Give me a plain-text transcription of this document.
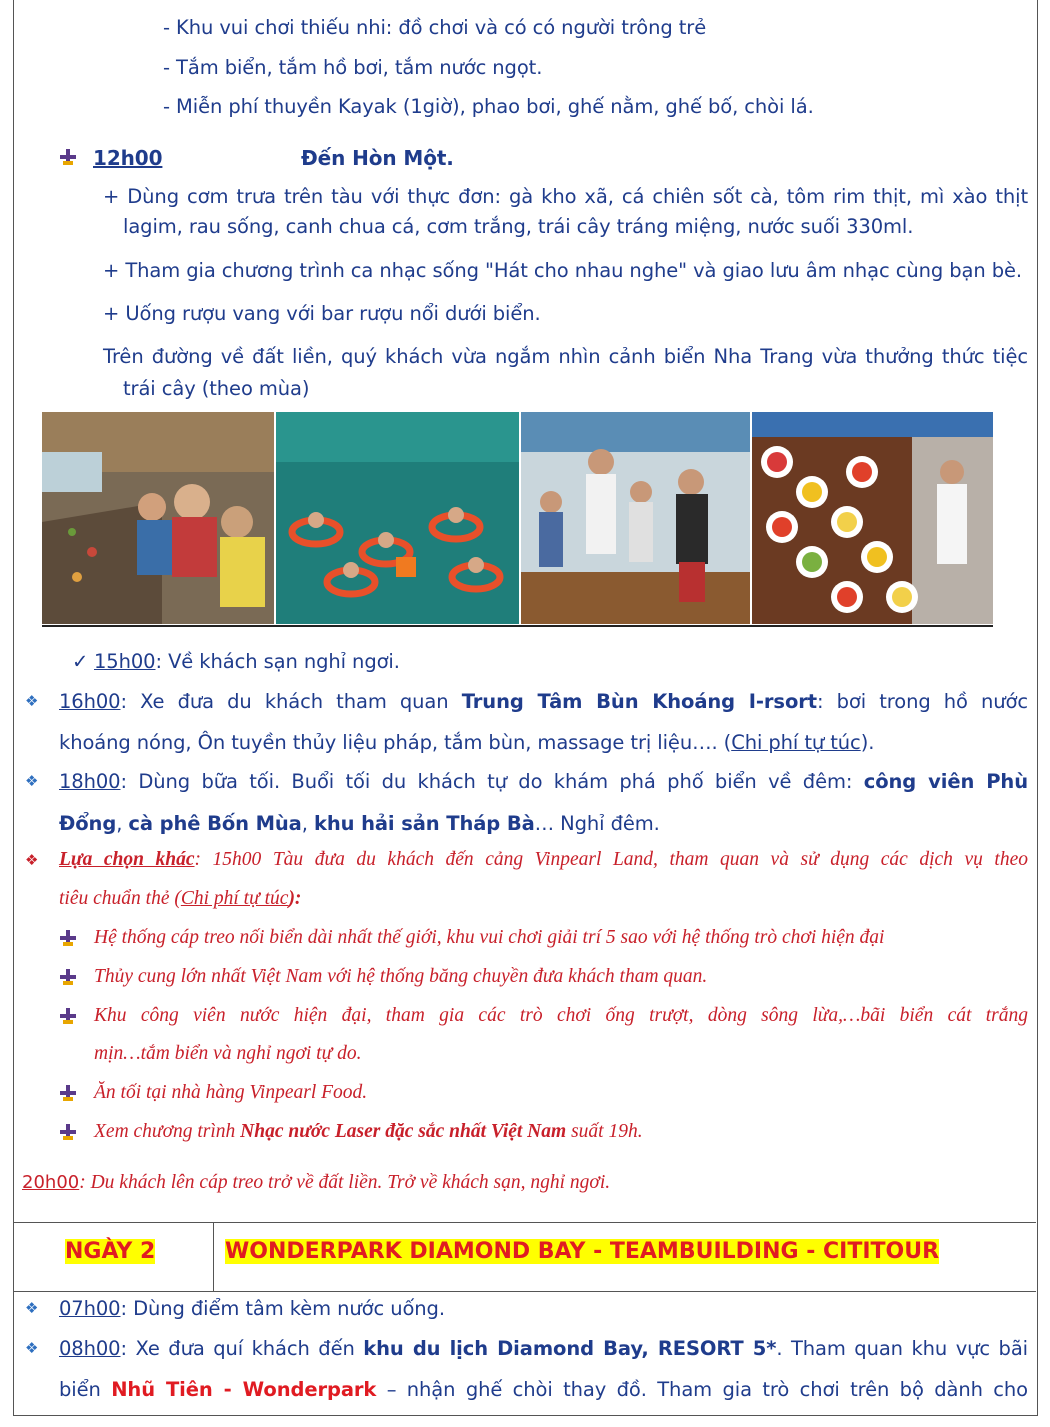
- Khu vui chơi thiếu nhi: đồ chơi và có có người trông trẻ
- Tắm biển, tắm hồ bơi, tắm nước ngọt.
- Miễn phí thuyền Kayak (1giờ), phao bơi, ghế nằm, ghế bố, chòi lá.
12h00	Đến Hòn Một.
+ Dùng cơm trưa trên tàu với thực đơn: gà kho xã, cá chiên sốt cà, tôm rim thịt, mì xào thịt
lagim, rau sống, canh chua cá, cơm trắng, trái cây tráng miệng, nước suối 330ml.
+ Tham gia chương trình ca nhạc sống "Hát cho nhau nghe" và giao lưu âm nhạc cùng bạn bè.
+ Uống rượu vang với bar rượu nổi dưới biển.
Trên đường về đất liền, quý khách vừa ngắm nhìn cảnh biển Nha Trang vừa thưởng thức tiệc
trái cây (theo mùa)
✓ 15h00: Về khách sạn nghỉ ngơi.
❖ 16h00: Xe đưa du khách tham quan Trung Tâm Bùn Khoáng I-rsort: bơi trong hồ nước
khoáng nóng, Ôn tuyền thủy liệu pháp, tắm bùn, massage trị liệu…. (Chi phí tự túc).
❖ 18h00: Dùng bữa tối. Buổi tối du khách tự do khám phá phố biển về đêm: công viên Phù
Đổng, cà phê Bốn Mùa, khu hải sản Tháp Bà… Nghỉ đêm.
❖ Lựa chọn khác: 15h00 Tàu đưa du khách đến cảng Vinpearl Land, tham quan và sử dụng các dịch vụ theo
tiêu chuẩn thẻ (Chi phí tự túc):
Hệ thống cáp treo nối biển dài nhất thế giới, khu vui chơi giải trí 5 sao với hệ thống trò chơi hiện đại
Thủy cung lớn nhất Việt Nam với hệ thống băng chuyền đưa khách tham quan.
Khu công viên nước hiện đại, tham gia các trò chơi ống trượt, dòng sông lừa,…bãi biển cát trắng
mịn…tắm biển và nghỉ ngơi tự do.
Ăn tối tại nhà hàng Vinpearl Food.
Xem chương trình Nhạc nước Laser đặc sắc nhất Việt Nam suất 19h.
20h00: Du khách lên cáp treo trở về đất liền. Trở về khách sạn, nghỉ ngơi.
NGÀY 2	WONDERPARK DIAMOND BAY - TEAMBUILDING - CITITOUR
❖ 07h00: Dùng điểm tâm kèm nước uống.
❖ 08h00: Xe đưa quí khách đến khu du lịch Diamond Bay, RESORT 5*. Tham quan khu vực bãi
biển Nhũ Tiên - Wonderpark – nhận ghế chòi thay đồ. Tham gia trò chơi trên bộ dành cho
